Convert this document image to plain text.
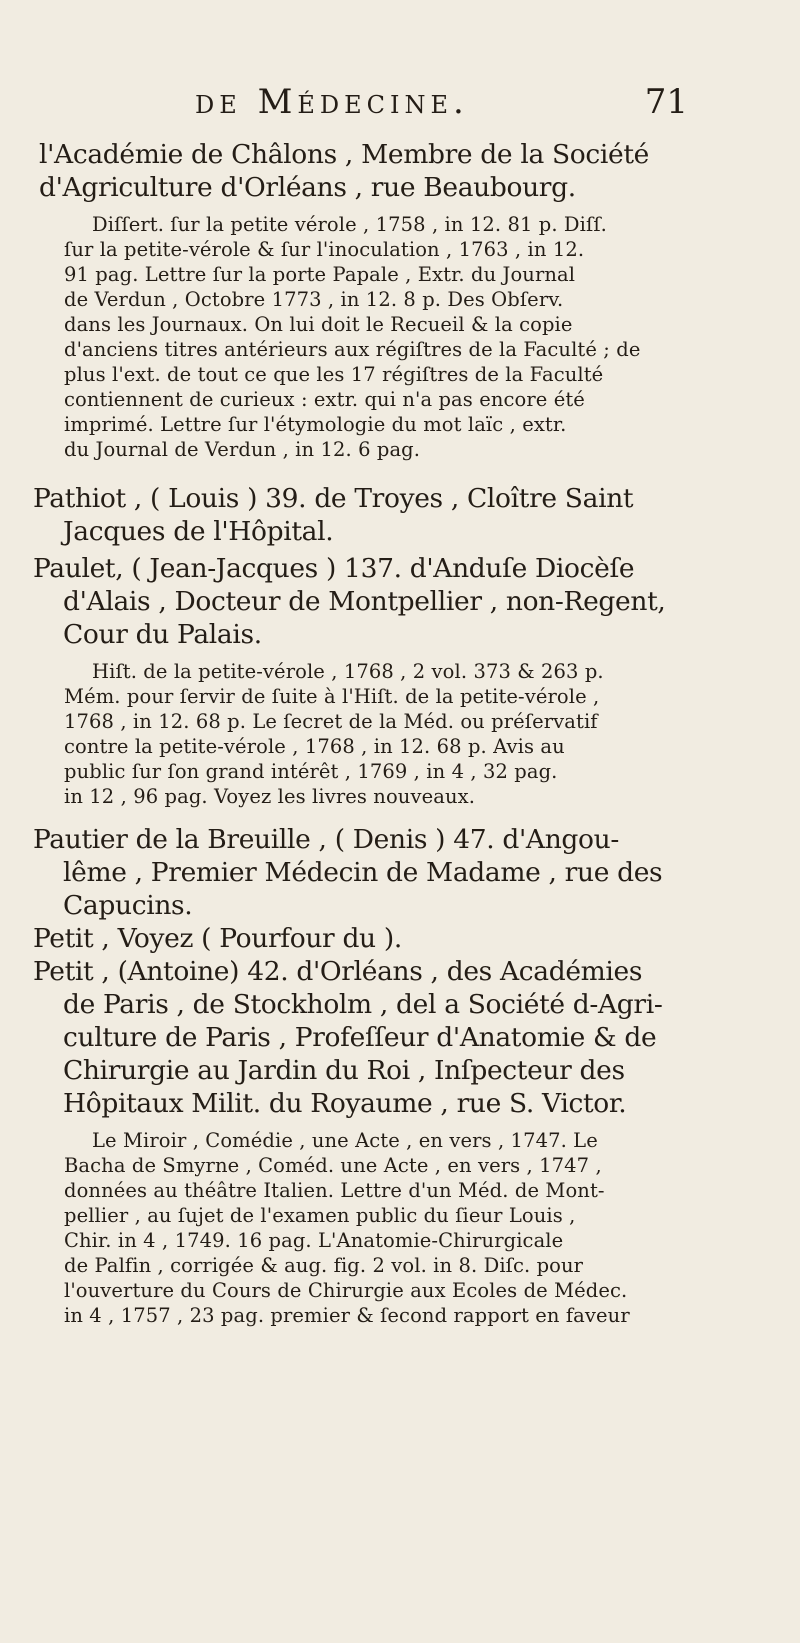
de Médecine.	71
l'Académie de Châlons , Membre de la Société
d'Agriculture d'Orléans , rue Beaubourg.
Diſſert. ſur la petite vérole , 1758 , in 12. 81 p. Diſſ.
ſur la petite-vérole & ſur l'inoculation , 1763 , in 12.
91 pag. Lettre ſur la porte Papale , Extr. du Journal
de Verdun , Octobre 1773 , in 12. 8 p. Des Obſerv.
dans les Journaux. On lui doit le Recueil & la copie
d'anciens titres antérieurs aux régiſtres de la Faculté ; de
plus l'ext. de tout ce que les 17 régiſtres de la Faculté
contiennent de curieux : extr. qui n'a pas encore été
imprimé. Lettre ſur l'étymologie du mot laïc , extr.
du Journal de Verdun , in 12. 6 pag.
Pathiot , ( Louis ) 39. de Troyes , Cloître Saint
Jacques de l'Hôpital.
Paulet, ( Jean-Jacques ) 137. d'Anduſe Diocèſe
d'Alais , Docteur de Montpellier , non-Regent,
Cour du Palais.
Hiſt. de la petite-vérole , 1768 , 2 vol. 373 & 263 p.
Mém. pour ſervir de ſuite à l'Hiſt. de la petite-vérole ,
1768 , in 12. 68 p. Le ſecret de la Méd. ou préſervatif
contre la petite-vérole , 1768 , in 12. 68 p. Avis au
public ſur ſon grand intérêt , 1769 , in 4 , 32 pag.
in 12 , 96 pag. Voyez les livres nouveaux.
Pautier de la Breuille , ( Denis ) 47. d'Angou-
lême , Premier Médecin de Madame , rue des
Capucins.
Petit , Voyez ( Pourfour du ).
Petit , (Antoine) 42. d'Orléans , des Académies
de Paris , de Stockholm , del a Société d-Agri-
culture de Paris , Profeſſeur d'Anatomie & de
Chirurgie au Jardin du Roi , Inſpecteur des
Hôpitaux Milit. du Royaume , rue S. Victor.
Le Miroir , Comédie , une Acte , en vers , 1747. Le
Bacha de Smyrne , Coméd. une Acte , en vers , 1747 ,
données au théâtre Italien. Lettre d'un Méd. de Mont-
pellier , au ſujet de l'examen public du ſieur Louis ,
Chir. in 4 , 1749. 16 pag. L'Anatomie-Chirurgicale
de Palfin , corrigée & aug. fig. 2 vol. in 8. Diſc. pour
l'ouverture du Cours de Chirurgie aux Ecoles de Médec.
in 4 , 1757 , 23 pag. premier & ſecond rapport en faveur
